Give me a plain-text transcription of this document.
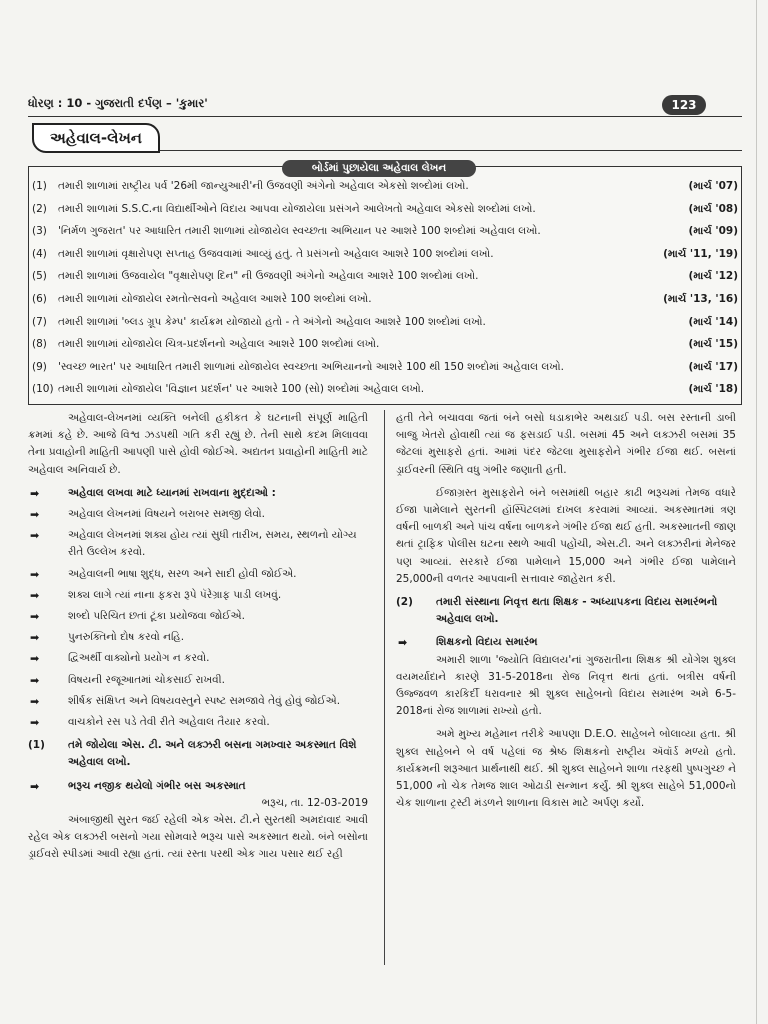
ધોરણ : 10 - ગુજરાતી દર્પણ – 'કુમાર'	123
અહેવાલ-લેખન
બોર્ડમાં પુછાયેલા અહેવાલ લેખન
(1) તમારી શાળામાં રાષ્ટ્રીય પર્વ '26મી જાન્યુઆરી'ની ઉજવણી અંગેનો અહેવાલ એકસો શબ્દોમાં લખો.	(માર્ચ '07)
(2) તમારી શાળામાં S.S.C.ના વિદ્યાર્થીઓને વિદાય આપવા યોજાયેલા પ્રસંગને આલેખતો અહેવાલ એકસો શબ્દોમાં લખો.	(માર્ચ '08)
(3) 'નિર્મળ ગુજરાત' પર આધારિત તમારી શાળામાં યોજાયેલ સ્વચ્છતા અભિયાન પર આશરે 100 શબ્દોમાં અહેવાલ લખો.	(માર્ચ '09)
(4) તમારી શાળામાં વૃક્ષારોપણ સપ્તાહ ઉજવવામાં આવ્યું હતું. તે પ્રસંગનો અહેવાલ આશરે 100 શબ્દોમાં લખો.	(માર્ચ '11, '19)
(5) તમારી શાળામાં ઉજવાયેલ "વૃક્ષારોપણ દિન" ની ઉજવણી અંગેનો અહેવાલ આશરે 100 શબ્દોમાં લખો.	(માર્ચ '12)
(6) તમારી શાળામાં યોજાયેલ રમતોત્સવનો અહેવાલ આશરે 100 શબ્દોમાં લખો.	(માર્ચ '13, '16)
(7) તમારી શાળામાં 'બ્લડ ગ્રૂપ કેમ્પ' કાર્યક્રમ યોજાયો હતો - તે અંગેનો અહેવાલ આશરે 100 શબ્દોમાં લખો.	(માર્ચ '14)
(8) તમારી શાળામાં યોજાયેલ ચિત્ર-પ્રદર્શનનો અહેવાલ આશરે 100 શબ્દોમાં લખો.	(માર્ચ '15)
(9) 'સ્વચ્છ ભારત' પર આધારિત તમારી શાળામાં યોજાયેલ સ્વચ્છતા અભિયાનનો આશરે 100 થી 150 શબ્દોમાં અહેવાલ લખો.	(માર્ચ '17)
(10) તમારી શાળામાં યોજાયેલ 'વિજ્ઞાન પ્રદર્શન' પર આશરે 100 (સો) શબ્દોમાં અહેવાલ લખો.	(માર્ચ '18)

અહેવાલ-લેખનમાં વ્યક્તિ બનેલી હકીકત કે ઘટનાની સંપૂર્ણ માહિતી ક્રમમાં કહે છે. આજે વિશ્વ ઝડપથી ગતિ કરી રહ્યું છે. તેની સાથે કદમ મિલાવવા તેના પ્રવાહોની માહિતી આપણી પાસે હોવી જોઈએ. અદ્યતન પ્રવાહોની માહિતી માટે અહેવાલ અનિવાર્ય છે.

➡	અહેવાલ લખવા માટે ધ્યાનમાં રાખવાના મુદ્દાઓ :
➡	અહેવાલ લેખનમાં વિષયને બરાબર સમજી લેવો.
➡	અહેવાલ લેખનમાં શક્ય હોય ત્યાં સુધી તારીખ, સમય, સ્થળનો યોગ્ય રીતે ઉલ્લેખ કરવો.
➡	અહેવાલની ભાષા શુદ્ધ, સરળ અને સાદી હોવી જોઈએ.
➡	શક્ય લાગે ત્યાં નાના ફકરા રૂપે પૅરેગ્રાફ પાડી લખવું.
➡	શબ્દો પરિચિત છતાં ટૂંકા પ્રયોજવા જોઈએ.
➡	પુનરુક્તિનો દોષ કરવો નહિ.
➡	દ્વિઅર્થી વાક્યોનો પ્રયોગ ન કરવો.
➡	વિષયની રજૂઆતમાં ચોકસાઈ રાખવી.
➡	શીર્ષક સંક્ષિપ્ત અને વિષયવસ્તુને સ્પષ્ટ સમજાવે તેવું હોવું જોઈએ.
➡	વાચકોને રસ પડે તેવી રીતે અહેવાલ તૈયાર કરવો.
(1) તમે જોયેલા એસ. ટી. અને લક્ઝરી બસના ગમખ્વાર અકસ્માત વિશે અહેવાલ લખો.
➡	ભરૂચ નજીક થયેલો ગંભીર બસ અકસ્માત

ભરૂચ, તા. 12-03-2019

અંબાજીથી સુરત જઈ રહેલી એક એસ. ટી.ને સુરતથી અમદાવાદ આવી રહેલ એક લક્ઝરી બસનો ગયા સોમવારે ભરૂચ પાસે અકસ્માત થયો. બંને બસોના ડ્રાઈવરો સ્પીડમાં આવી રહ્યા હતાં. ત્યાં રસ્તા પરથી એક ગાય પસાર થઈ રહી

હતી તેને બચાવવા જતાં બંને બસો ધડાકાભેર અથડાઈ પડી. બસ રસ્તાની ડાબી બાજુ ખેતરો હોવાથી ત્યાં જ ફસડાઈ પડી. બસમાં 45 અને લક્ઝરી બસમાં 35 જેટલાં મુસાફરો હતાં. આમાં પંદર જેટલા મુસાફરોને ગંભીર ઈજા થઈ. બસનાં ડ્રાઈવરની સ્થિતિ વધુ ગંભીર જણાતી હતી.

ઈજાગ્રસ્ત મુસાફરોને બંને બસમાંથી બહાર કાઢી ભરૂચમાં તેમજ વધારે ઈજા પામેલાને સુરતની હૉસ્પિટલમાં દાખલ કરવામાં આવ્યાં. અકસ્માતમાં ત્રણ વર્ષની બાળકી અને પાંચ વર્ષના બાળકને ગંભીર ઈજા થઈ હતી. અકસ્માતની જાણ થતાં ટ્રાફિક પોલીસ ઘટના સ્થળે આવી પહોંચી, એસ.ટી. અને લક્ઝરીનાં મેનેજર પણ આવ્યાં. સરકારે ઈજા પામેલાને 15,000 અને ગંભીર ઈજા પામેલાને 25,000ની વળતર આપવાની સત્તાવાર જાહેરાત કરી.

(2) તમારી સંસ્થાના નિવૃત્ત થતા શિક્ષક - અધ્યાપકના વિદાય સમારંભનો અહેવાલ લખો.
➡	શિક્ષકનો વિદાય સમારંભ

અમારી શાળા 'જ્યોતિ વિદ્યાલય'નાં ગુજરાતીના શિક્ષક શ્રી યોગેશ શુક્લ વયમર્યાદાને કારણે 31-5-2018ના રોજ નિવૃત્ત થતાં હતાં. બત્રીસ વર્ષની ઉજ્જવળ કારકિર્દી ધરાવનાર શ્રી શુક્લ સાહેબનો વિદાય સમારંભ અમે 6-5-2018નાં રોજ શાળામાં રાખ્યો હતો.

અમે મુખ્ય મહેમાન તરીકે આપણા D.E.O. સાહેબને બોલાવ્યા હતા. શ્રી શુક્લ સાહેબને બે વર્ષ પહેલાં જ શ્રેષ્ઠ શિક્ષકનો રાષ્ટ્રીય ઍવૉર્ડ મળ્યો હતો. કાર્યક્રમની શરૂઆત પ્રાર્થનાથી થઈ. શ્રી શુક્લ સાહેબને શાળા તરફથી પુષ્પગુચ્છ ને 51,000 નો ચેક તેમજ શાલ ઓઢાડી સન્માન કર્યું. શ્રી શુક્લ સાહેબે 51,000નો ચેક શાળાના ટ્રસ્ટી મંડળને શાળાના વિકાસ માટે અર્પણ કર્યો.
